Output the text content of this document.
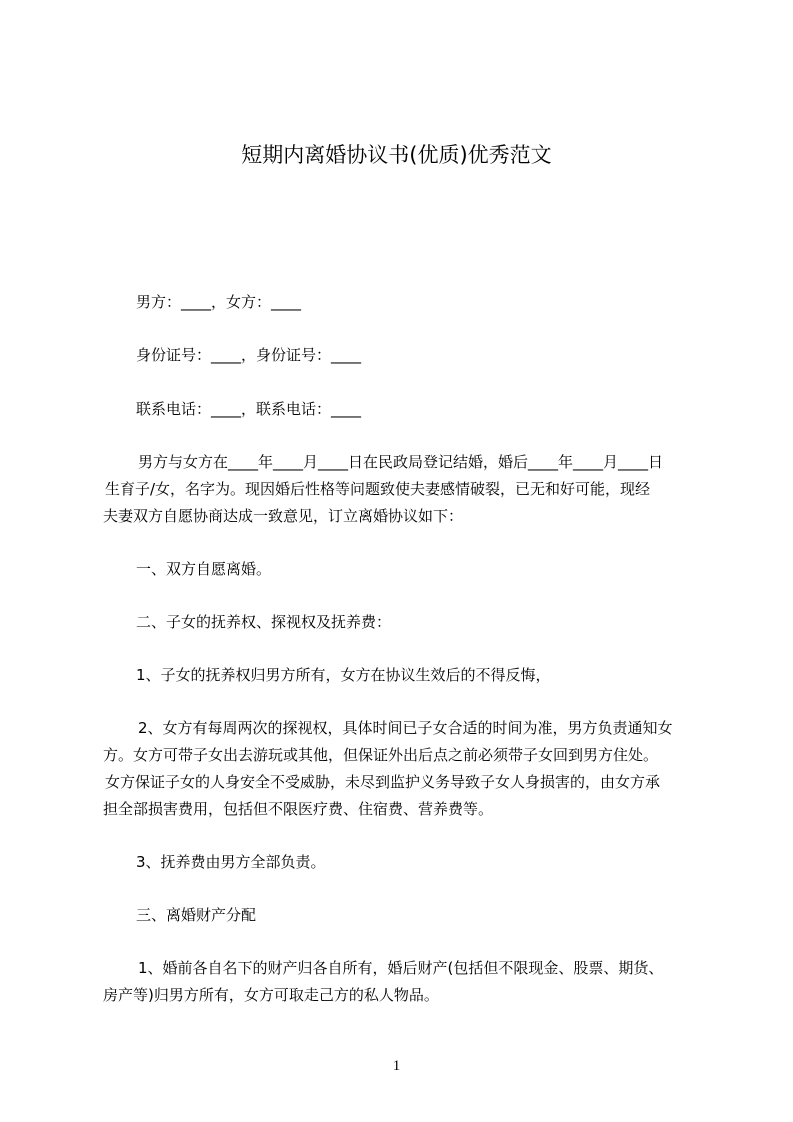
短期内离婚协议书(优质)优秀范文
男方：____，女方：____
身份证号：____，身份证号：____
联系电话：____，联系电话：____
男方与女方在____年____月____日在民政局登记结婚，婚后____年____月____日
生育子/女，名字为。现因婚后性格等问题致使夫妻感情破裂，已无和好可能，现经
夫妻双方自愿协商达成一致意见，订立离婚协议如下：
一、双方自愿离婚。
二、子女的抚养权、探视权及抚养费：
1、子女的抚养权归男方所有，女方在协议生效后的不得反悔，
2、女方有每周两次的探视权，具体时间已子女合适的时间为准，男方负责通知女
方。女方可带子女出去游玩或其他，但保证外出后点之前必须带子女回到男方住处。
女方保证子女的人身安全不受威胁，未尽到监护义务导致子女人身损害的，由女方承
担全部损害费用，包括但不限医疗费、住宿费、营养费等。
3、抚养费由男方全部负责。
三、离婚财产分配
1、婚前各自名下的财产归各自所有，婚后财产(包括但不限现金、股票、期货、
房产等)归男方所有，女方可取走己方的私人物品。
1
